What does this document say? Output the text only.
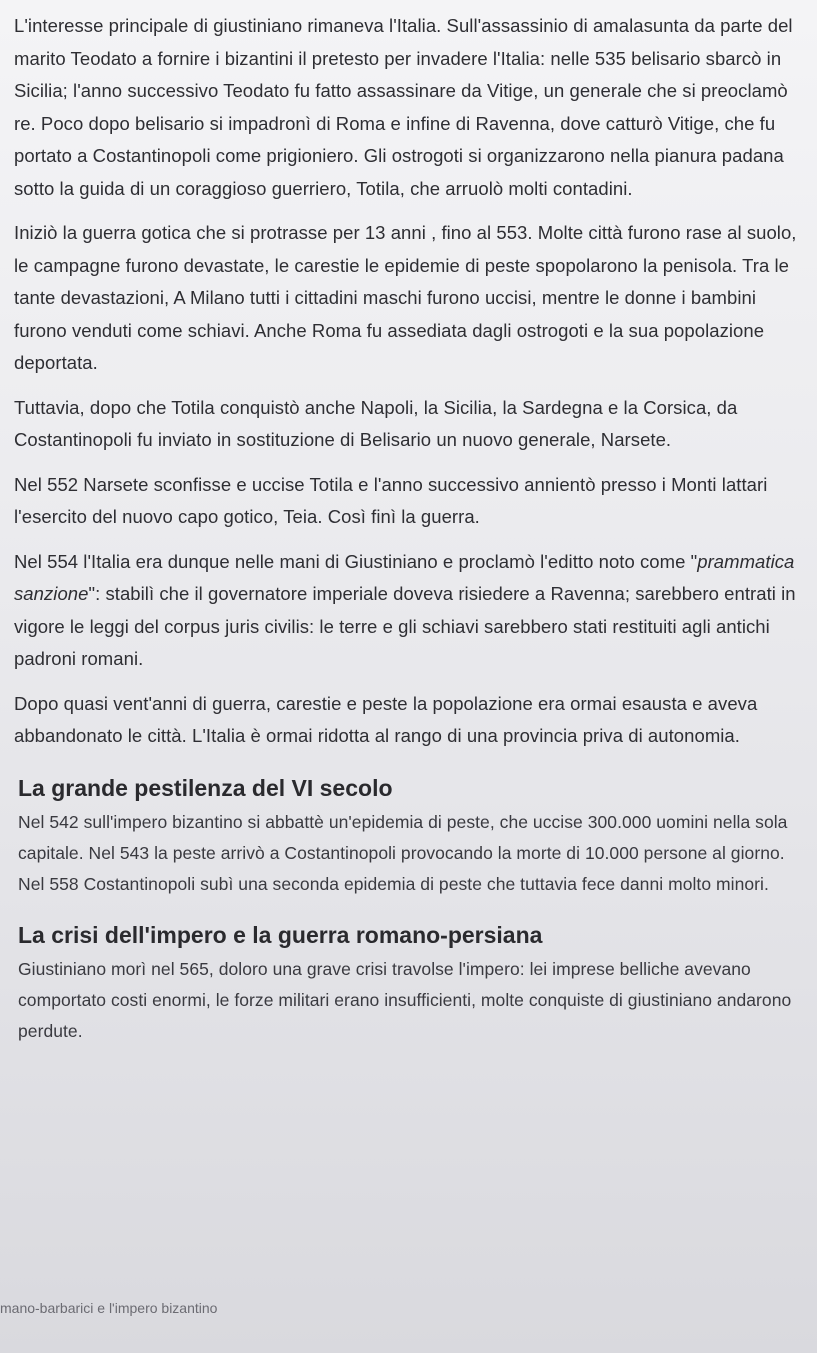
L'interesse principale di giustiniano rimaneva l'Italia. Sull'assassinio di amalasunta da parte del marito Teodato a fornire i bizantini il pretesto per invadere l'Italia: nelle 535 belisario sbarcò in Sicilia; l'anno successivo Teodato fu fatto assassinare da Vitige, un generale che si preoclamò re. Poco dopo belisario si impadronì di Roma e infine di Ravenna, dove catturò Vitige, che fu portato a Costantinopoli come prigioniero. Gli ostrogoti si organizzarono nella pianura padana sotto la guida di un coraggioso guerriero, Totila, che arruolò molti contadini.

Iniziò la guerra gotica che si protrasse per 13 anni , fino al 553. Molte città furono rase al suolo, le campagne furono devastate, le carestie le epidemie di peste spopolarono la penisola. Tra le tante devastazioni, A Milano tutti i cittadini maschi furono uccisi, mentre le donne i bambini furono venduti come schiavi. Anche Roma fu assediata dagli ostrogoti e la sua popolazione deportata.

Tuttavia, dopo che Totila conquistò anche Napoli, la Sicilia, la Sardegna e la Corsica, da Costantinopoli fu inviato in sostituzione di Belisario un nuovo generale, Narsete.

Nel 552 Narsete sconfisse e uccise Totila e l'anno successivo annientò presso i Monti lattari l'esercito del nuovo capo gotico, Teia. Così finì la guerra.

Nel 554 l'Italia era dunque nelle mani di Giustiniano e proclamò l'editto noto come "prammatica sanzione": stabilì che il governatore imperiale doveva risiedere a Ravenna; sarebbero entrati in vigore le leggi del corpus juris civilis: le terre e gli schiavi sarebbero stati restituiti agli antichi padroni romani.

Dopo quasi vent'anni di guerra, carestie e peste la popolazione era ormai esausta e aveva abbandonato le città. L'Italia è ormai ridotta al rango di una provincia priva di autonomia.

La grande pestilenza del VI secolo

Nel 542 sull'impero bizantino si abbattè un'epidemia di peste, che uccise 300.000 uomini nella sola capitale. Nel 543 la peste arrivò a Costantinopoli provocando la morte di 10.000 persone al giorno. Nel 558 Costantinopoli subì una seconda epidemia di peste che tuttavia fece danni molto minori.

La crisi dell'impero e la guerra romano-persiana

Giustiniano morì nel 565, doloro una grave crisi travolse l'impero: lei imprese belliche avevano comportato costi enormi, le forze militari erano insufficienti, molte conquiste di giustiniano andarono perdute.

mano-barbarici e l'impero bizantino
